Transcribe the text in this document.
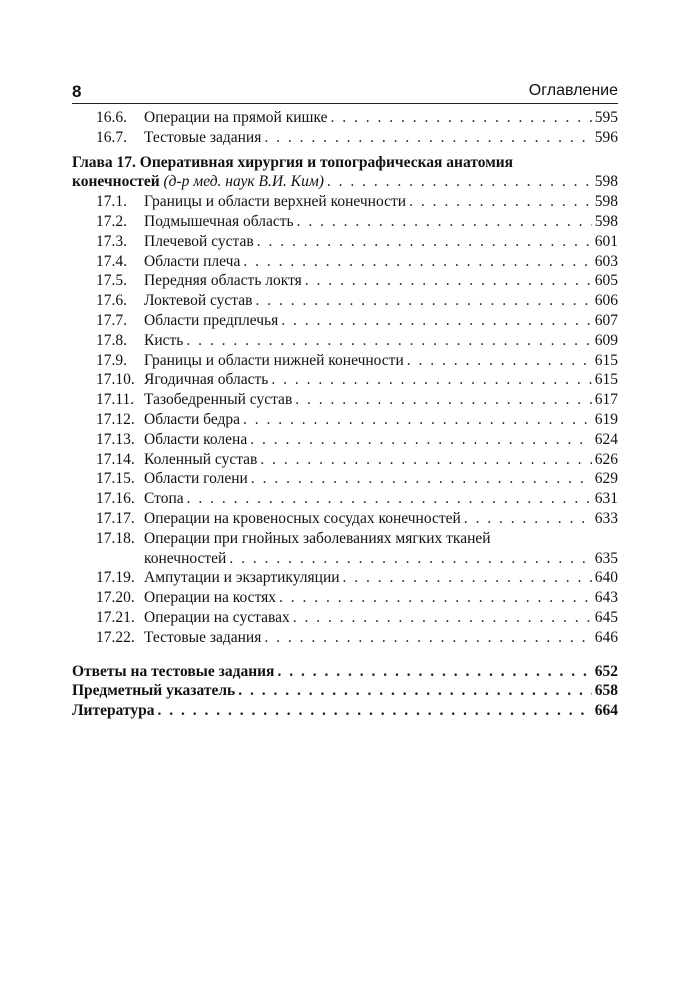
8	Оглавление
16.6. Операции на прямой кишке . . .	595
16.7. Тестовые задания . . .	596
Глава 17. Оперативная хирургия и топографическая анатомия
конечностей (д-р мед. наук В.И. Ким) . . .	598
17.1. Границы и области верхней конечности . . .	598
17.2. Подмышечная область . . .	598
17.3. Плечевой сустав . . .	601
17.4. Области плеча . . .	603
17.5. Передняя область локтя . . .	605
17.6. Локтевой сустав . . .	606
17.7. Области предплечья . . .	607
17.8. Кисть . . .	609
17.9. Границы и области нижней конечности . . .	615
17.10. Ягодичная область . . .	615
17.11. Тазобедренный сустав . . .	617
17.12. Области бедра . . .	619
17.13. Области колена . . .	624
17.14. Коленный сустав . . .	626
17.15. Области голени . . .	629
17.16. Стопа . . .	631
17.17. Операции на кровеносных сосудах конечностей . . .	633
17.18. Операции при гнойных заболеваниях мягких тканей
конечностей . . .	635
17.19. Ампутации и экзартикуляции . . .	640
17.20. Операции на костях . . .	643
17.21. Операции на суставах . . .	645
17.22. Тестовые задания . . .	646
Ответы на тестовые задания . . .	652
Предметный указатель . . .	658
Литература . . .	664
